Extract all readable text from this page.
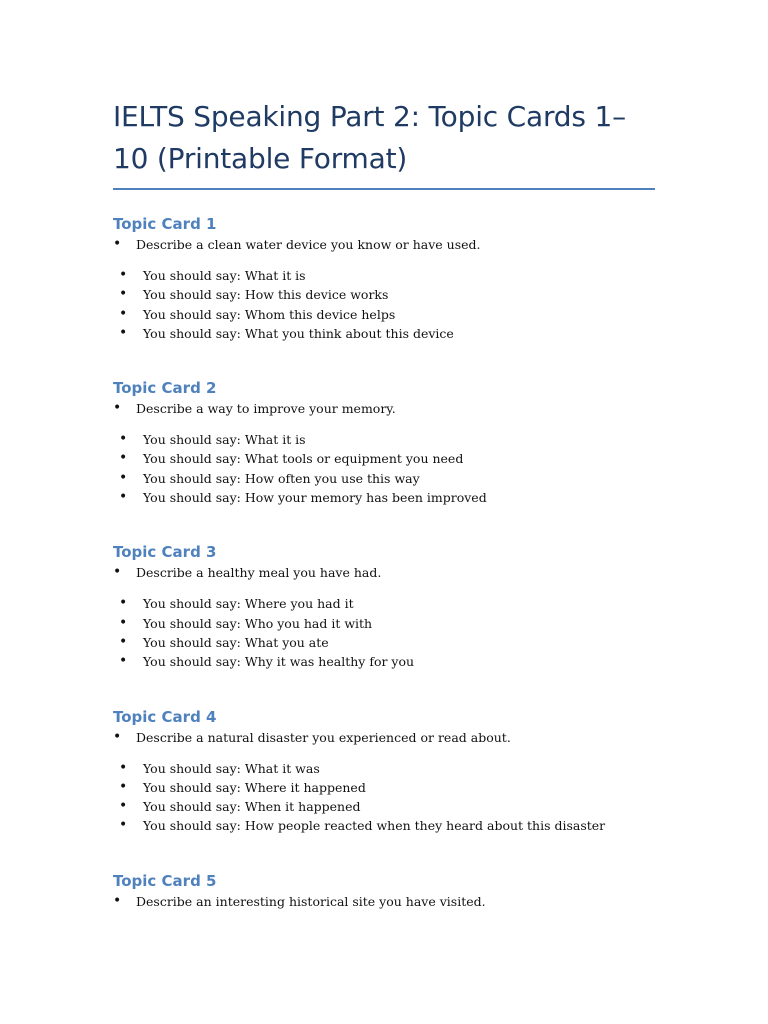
IELTS Speaking Part 2: Topic Cards 1–10 (Printable Format)
Topic Card 1
• Describe a clean water device you know or have used.
• You should say: What it is
• You should say: How this device works
• You should say: Whom this device helps
• You should say: What you think about this device
Topic Card 2
• Describe a way to improve your memory.
• You should say: What it is
• You should say: What tools or equipment you need
• You should say: How often you use this way
• You should say: How your memory has been improved
Topic Card 3
• Describe a healthy meal you have had.
• You should say: Where you had it
• You should say: Who you had it with
• You should say: What you ate
• You should say: Why it was healthy for you
Topic Card 4
• Describe a natural disaster you experienced or read about.
• You should say: What it was
• You should say: Where it happened
• You should say: When it happened
• You should say: How people reacted when they heard about this disaster
Topic Card 5
• Describe an interesting historical site you have visited.
